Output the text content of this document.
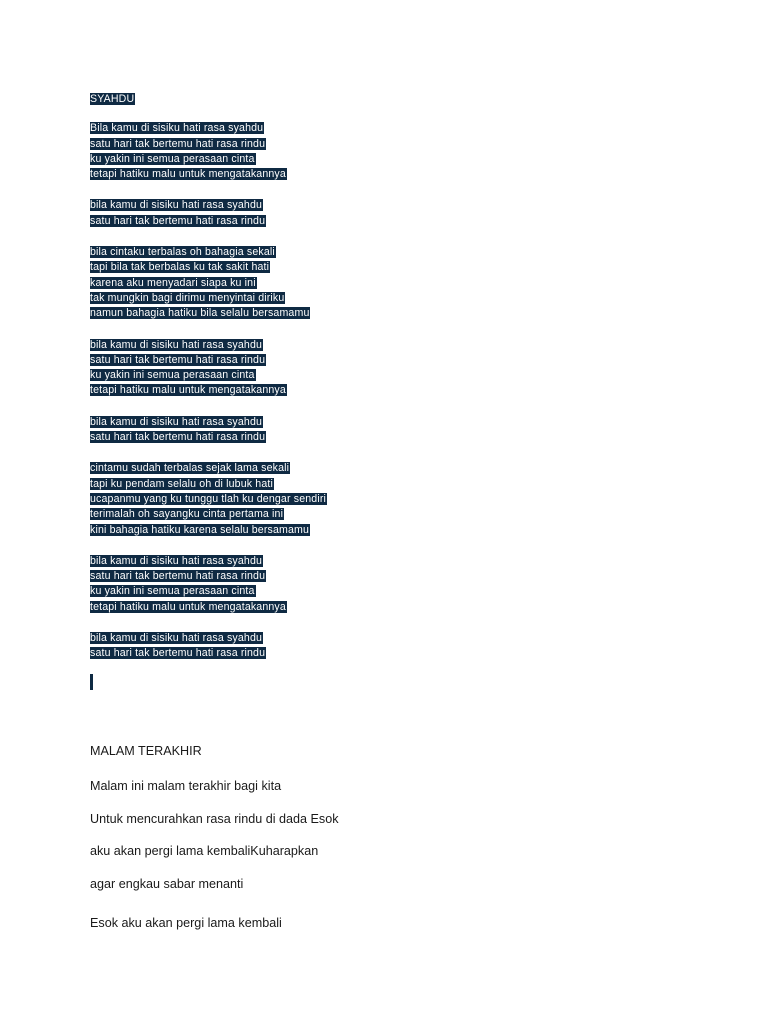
SYAHDU
Bila kamu di sisiku hati rasa syahdu
satu hari tak bertemu hati rasa rindu
ku yakin ini semua perasaan cinta
tetapi hatiku malu untuk mengatakannya
bila kamu di sisiku hati rasa syahdu
satu hari tak bertemu hati rasa rindu
bila cintaku terbalas oh bahagia sekali
tapi bila tak berbalas ku tak sakit hati
karena aku menyadari siapa ku ini
tak mungkin bagi dirimu menyintai diriku
namun bahagia hatiku bila selalu bersamamu
bila kamu di sisiku hati rasa syahdu
satu hari tak bertemu hati rasa rindu
ku yakin ini semua perasaan cinta
tetapi hatiku malu untuk mengatakannya
bila kamu di sisiku hati rasa syahdu
satu hari tak bertemu hati rasa rindu
cintamu sudah terbalas sejak lama sekali
tapi ku pendam selalu oh di lubuk hati
ucapanmu yang ku tunggu tlah ku dengar sendiri
terimalah oh sayangku cinta pertama ini
kini bahagia hatiku karena selalu bersamamu
bila kamu di sisiku hati rasa syahdu
satu hari tak bertemu hati rasa rindu
ku yakin ini semua perasaan cinta
tetapi hatiku malu untuk mengatakannya
bila kamu di sisiku hati rasa syahdu
satu hari tak bertemu hati rasa rindu
MALAM TERAKHIR
Malam ini malam terakhir bagi kita
Untuk mencurahkan rasa rindu di dada Esok
aku akan pergi lama kembaliKuharapkan
agar engkau sabar menanti
Esok aku akan pergi lama kembali
